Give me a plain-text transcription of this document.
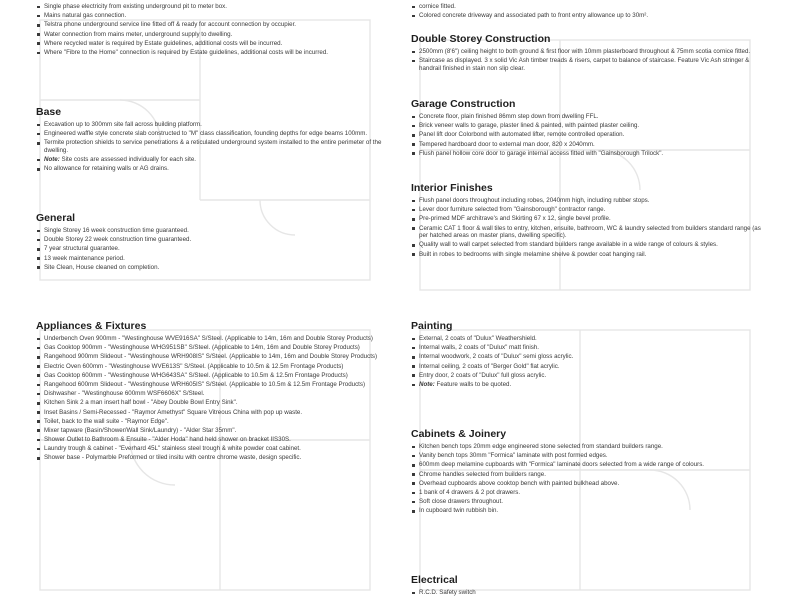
Single phase electricity from existing underground pit to meter box.
Mains natural gas connection.
Telstra phone underground service line fitted off & ready for account connection by occupier.
Water connection from mains meter, underground supply to dwelling.
Where recycled water is required by Estate guidelines, additional costs will be incurred.
Where "Fibre to the Home" connection is required by Estate guidelines, additional costs will be incurred.
Base
Excavation up to 300mm site fall across building platform.
Engineered waffle style concrete slab constructed to "M" class classification, founding depths for edge beams 100mm.
Termite protection shields to service penetrations & a reticulated underground system installed to the entire perimeter of the dwelling.
Note: Site costs are assessed individually for each site.
No allowance for retaining walls or AG drains.
General
Single Storey 16 week construction time guaranteed.
Double Storey 22 week construction time guaranteed.
7 year structural guarantee.
13 week maintenance period.
Site Clean, House cleaned on completion.
Appliances & Fixtures
Underbench Oven 900mm - "Westinghouse WVE916SA" S/Steel. (Applicable to 14m, 16m and Double Storey Products)
Gas Cooktop 900mm - "Westinghouse WHG951SB" S/Steel. (Applicable to 14m, 16m and Double Storey Products)
Rangehood 900mm Slideout - "Westinghouse WRH908IS" S/Steel. (Applicable to 14m, 16m and Double Storey Products)
Electric Oven 600mm - "Westinghouse WVE613S" S/Steel. (Applicable to 10.5m & 12.5m Frontage Products)
Gas Cooktop 600mm - "Westinghouse WHG643SA" S/Steel. (Applicable to 10.5m & 12.5m Frontage Products)
Rangehood 600mm Slideout - "Westinghouse WRH605IS" S/Steel. (Applicable to 10.5m & 12.5m Frontage Products)
Dishwasher - "Westinghouse 600mm WSF6606X" S/Steel.
Kitchen Sink 2 a man insert half bowl - "Abey Double Bowl Entry Sink".
Inset Basins / Semi-Recessed - "Raymor Amethyst" Square Vitreous China with pop up waste.
Toilet, back to the wall suite - "Raymor Edge".
Mixer tapware (Basin/Shower/Wall Sink/Laundry) - "Alder Star 35mm".
Shower Outlet to Bathroom & Ensuite - "Alder Hoda" hand held shower on bracket IIS30S.
Laundry trough & cabinet - "Everhard 45L" stainless steel trough & white powder coat cabinet.
Shower base - Polymarble Preformed or tiled insitu with centre chrome waste, design specific.
cornice fitted.
Colored concrete driveway and associated path to front entry allowance up to 30m².
Double Storey Construction
2500mm (8'6") ceiling height to both ground & first floor with 10mm plasterboard throughout & 75mm scotia cornice fitted.
Staircase as displayed. 3 x solid Vic Ash timber treads & risers, carpet to balance of staircase. Feature Vic Ash stringer & handrail finished in stain non slip clear.
Garage Construction
Concrete floor, plain finished 86mm step down from dwelling FFL.
Brick veneer walls to garage, plaster lined & painted, with painted plaster ceiling.
Panel lift door Colorbond with automated lifter, remote controlled operation.
Tempered hardboard door to external man door, 820 x 2040mm.
Flush panel hollow core door to garage internal access fitted with "Gainsborough Trilock".
Interior Finishes
Flush panel doors throughout including robes, 2040mm high, including rubber stops.
Lever door furniture selected from "Gainsborough" contractor range.
Pre-primed MDF architrave's and Skirting 67 x 12, single bevel profile.
Ceramic CAT 1 floor & wall tiles to entry, kitchen, ensuite, bathroom, WC & laundry selected from builders standard range (as per hatched areas on master plans, dwelling specific).
Quality wall to wall carpet selected from standard builders range available in a wide range of colours & styles.
Built in robes to bedrooms with single melamine shelve & powder coat hanging rail.
Painting
External, 2 coats of "Dulux" Weathershield.
Internal walls, 2 coats of "Dulux" matt finish.
Internal woodwork, 2 coats of "Dulux" semi gloss acrylic.
Internal ceiling, 2 coats of "Berger Gold" flat acrylic.
Entry door, 2 coats of "Dulux" full gloss acrylic.
Note: Feature walls to be quoted.
Cabinets & Joinery
Kitchen bench tops 20mm edge engineered stone selected from standard builders range.
Vanity bench tops 30mm "Formica" laminate with post formed edges.
600mm deep melamine cupboards with "Formica" laminate doors selected from a wide range of colours.
Chrome handles selected from builders range.
Overhead cupboards above cooktop bench with painted bulkhead above.
1 bank of 4 drawers & 2 pot drawers.
Soft close drawers throughout.
In cupboard twin rubbish bin.
Electrical
R.C.D. Safety switch
